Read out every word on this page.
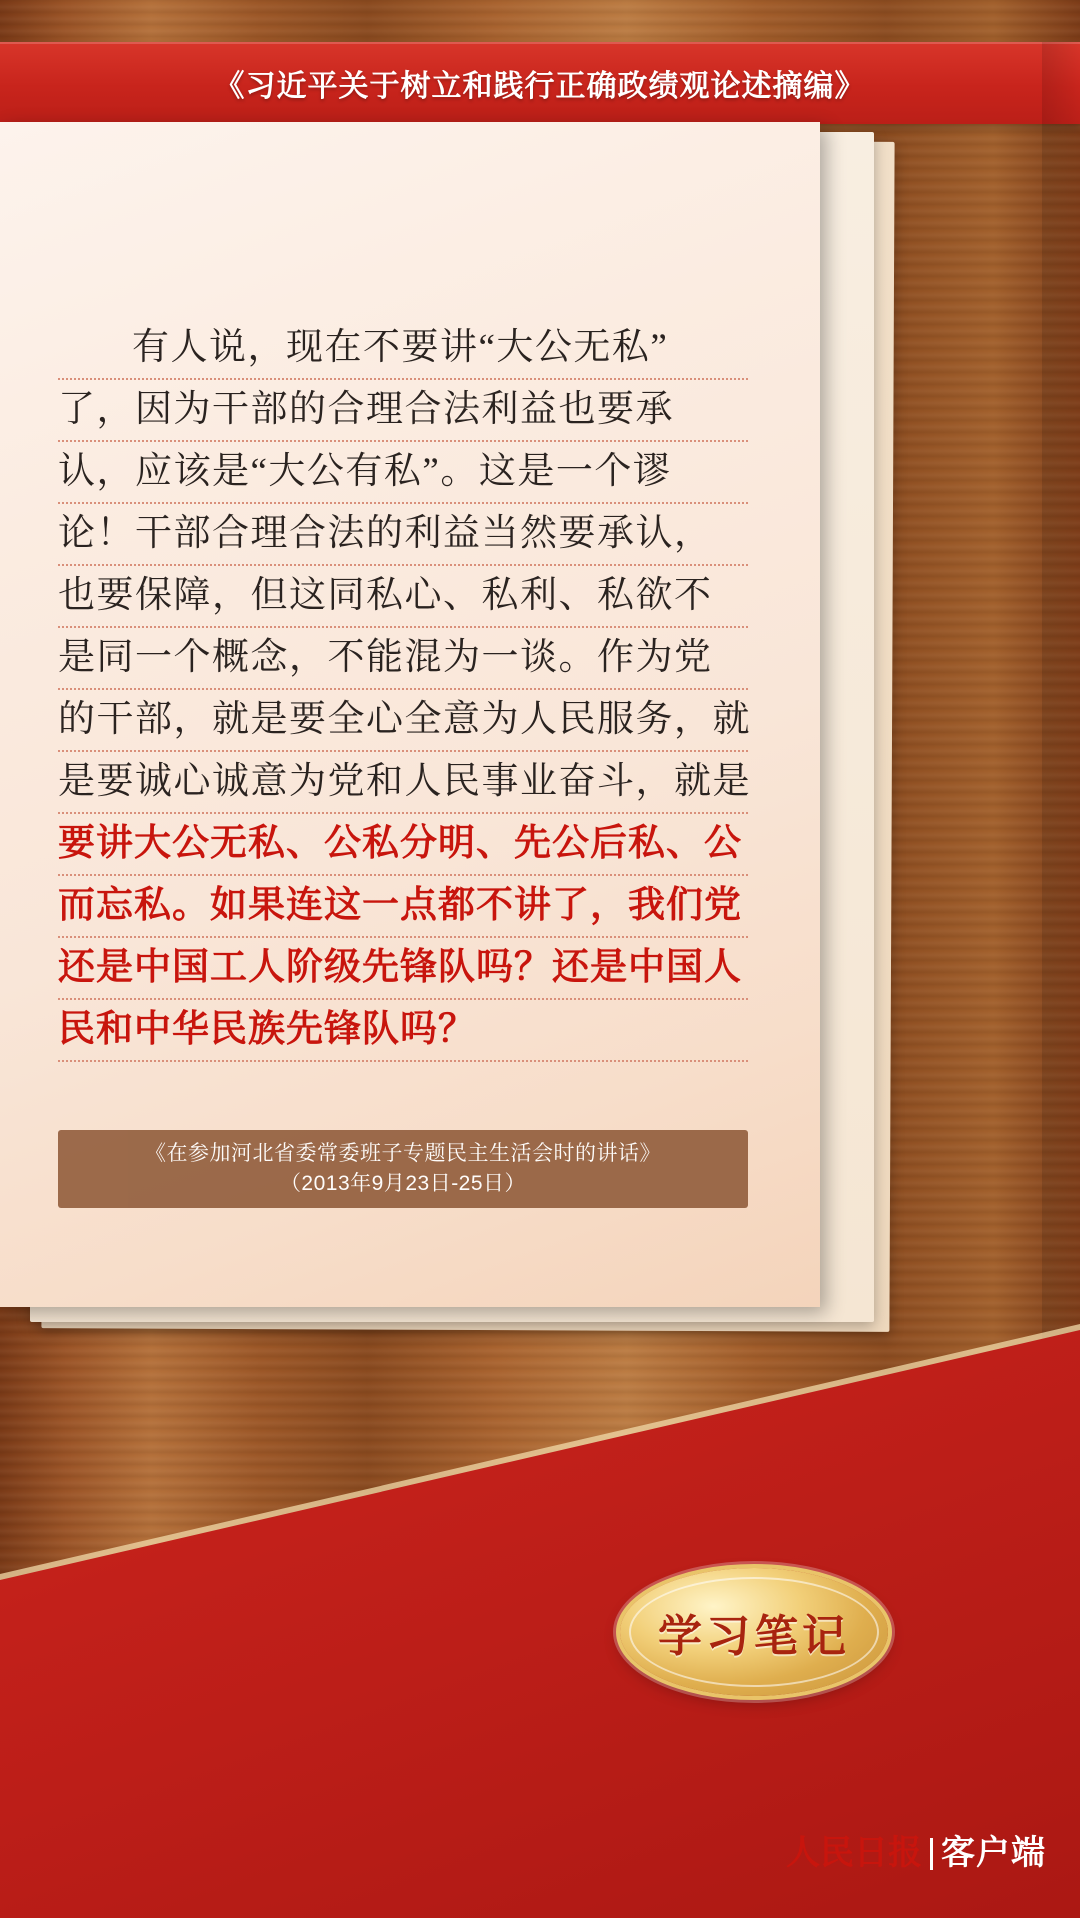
《习近平关于树立和践行正确政绩观论述摘编》
有人说，现在不要讲“大公无私”
了，因为干部的合理合法利益也要承
认，应该是“大公有私”。这是一个谬
论！干部合理合法的利益当然要承认，
也要保障，但这同私心、私利、私欲不
是同一个概念，不能混为一谈。作为党
的干部，就是要全心全意为人民服务，就
是要诚心诚意为党和人民事业奋斗，就是
要讲大公无私、公私分明、先公后私、公
而忘私。如果连这一点都不讲了，我们党
还是中国工人阶级先锋队吗？还是中国人
民和中华民族先锋队吗？
《在参加河北省委常委班子专题民主生活会时的讲话》
（2013年9月23日-25日）
学习笔记
人民日报 客户端
